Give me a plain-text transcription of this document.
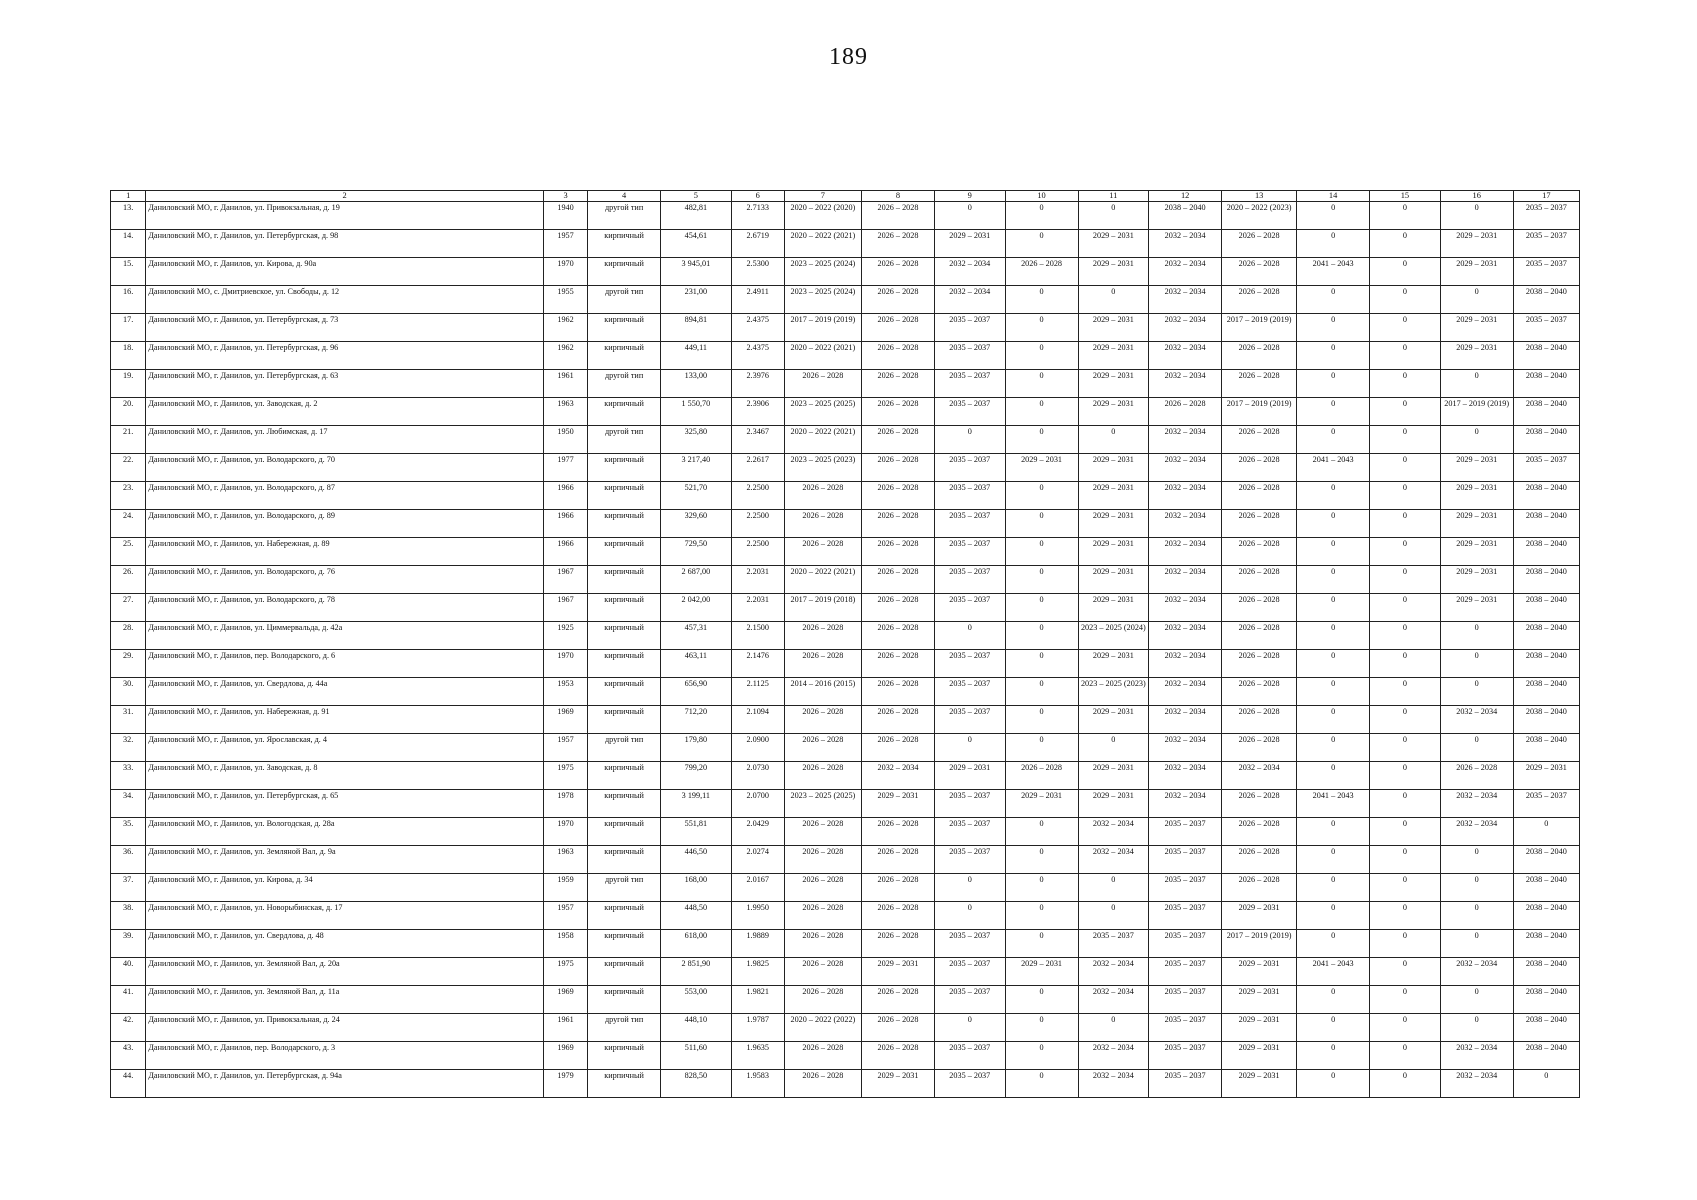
189
1	2	3	4	5	6	7	8	9	10	11	12	13	14	15	16	17
13.	Даниловский МО, г. Данилов, ул. Привокзальная, д. 19	1940	другой тип	482,81	2.7133	2020 – 2022 (2020)	2026 – 2028	0	0	0	2038 – 2040	2020 – 2022 (2023)	0	0	0	2035 – 2037
14.	Даниловский МО, г. Данилов, ул. Петербургская, д. 98	1957	кирпичный	454,61	2.6719	2020 – 2022 (2021)	2026 – 2028	2029 – 2031	0	2029 – 2031	2032 – 2034	2026 – 2028	0	0	2029 – 2031	2035 – 2037
15.	Даниловский МО, г. Данилов, ул. Кирова, д. 90а	1970	кирпичный	3 945,01	2.5300	2023 – 2025 (2024)	2026 – 2028	2032 – 2034	2026 – 2028	2029 – 2031	2032 – 2034	2026 – 2028	2041 – 2043	0	2029 – 2031	2035 – 2037
16.	Даниловский МО, с. Дмитриевское, ул. Свободы, д. 12	1955	другой тип	231,00	2.4911	2023 – 2025 (2024)	2026 – 2028	2032 – 2034	0	0	2032 – 2034	2026 – 2028	0	0	0	2038 – 2040
17.	Даниловский МО, г. Данилов, ул. Петербургская, д. 73	1962	кирпичный	894,81	2.4375	2017 – 2019 (2019)	2026 – 2028	2035 – 2037	0	2029 – 2031	2032 – 2034	2017 – 2019 (2019)	0	0	2029 – 2031	2035 – 2037
18.	Даниловский МО, г. Данилов, ул. Петербургская, д. 96	1962	кирпичный	449,11	2.4375	2020 – 2022 (2021)	2026 – 2028	2035 – 2037	0	2029 – 2031	2032 – 2034	2026 – 2028	0	0	2029 – 2031	2038 – 2040
19.	Даниловский МО, г. Данилов, ул. Петербургская, д. 63	1961	другой тип	133,00	2.3976	2026 – 2028	2026 – 2028	2035 – 2037	0	2029 – 2031	2032 – 2034	2026 – 2028	0	0	0	2038 – 2040
20.	Даниловский МО, г. Данилов, ул. Заводская, д. 2	1963	кирпичный	1 550,70	2.3906	2023 – 2025 (2025)	2026 – 2028	2035 – 2037	0	2029 – 2031	2026 – 2028	2017 – 2019 (2019)	0	0	2017 – 2019 (2019)	2038 – 2040
21.	Даниловский МО, г. Данилов, ул. Любимская, д. 17	1950	другой тип	325,80	2.3467	2020 – 2022 (2021)	2026 – 2028	0	0	0	2032 – 2034	2026 – 2028	0	0	0	2038 – 2040
22.	Даниловский МО, г. Данилов, ул. Володарского, д. 70	1977	кирпичный	3 217,40	2.2617	2023 – 2025 (2023)	2026 – 2028	2035 – 2037	2029 – 2031	2029 – 2031	2032 – 2034	2026 – 2028	2041 – 2043	0	2029 – 2031	2035 – 2037
23.	Даниловский МО, г. Данилов, ул. Володарского, д. 87	1966	кирпичный	521,70	2.2500	2026 – 2028	2026 – 2028	2035 – 2037	0	2029 – 2031	2032 – 2034	2026 – 2028	0	0	2029 – 2031	2038 – 2040
24.	Даниловский МО, г. Данилов, ул. Володарского, д. 89	1966	кирпичный	329,60	2.2500	2026 – 2028	2026 – 2028	2035 – 2037	0	2029 – 2031	2032 – 2034	2026 – 2028	0	0	2029 – 2031	2038 – 2040
25.	Даниловский МО, г. Данилов, ул. Набережная, д. 89	1966	кирпичный	729,50	2.2500	2026 – 2028	2026 – 2028	2035 – 2037	0	2029 – 2031	2032 – 2034	2026 – 2028	0	0	2029 – 2031	2038 – 2040
26.	Даниловский МО, г. Данилов, ул. Володарского, д. 76	1967	кирпичный	2 687,00	2.2031	2020 – 2022 (2021)	2026 – 2028	2035 – 2037	0	2029 – 2031	2032 – 2034	2026 – 2028	0	0	2029 – 2031	2038 – 2040
27.	Даниловский МО, г. Данилов, ул. Володарского, д. 78	1967	кирпичный	2 042,00	2.2031	2017 – 2019 (2018)	2026 – 2028	2035 – 2037	0	2029 – 2031	2032 – 2034	2026 – 2028	0	0	2029 – 2031	2038 – 2040
28.	Даниловский МО, г. Данилов, ул. Циммервальда, д. 42а	1925	кирпичный	457,31	2.1500	2026 – 2028	2026 – 2028	0	0	2023 – 2025 (2024)	2032 – 2034	2026 – 2028	0	0	0	2038 – 2040
29.	Даниловский МО, г. Данилов, пер. Володарского, д. 6	1970	кирпичный	463,11	2.1476	2026 – 2028	2026 – 2028	2035 – 2037	0	2029 – 2031	2032 – 2034	2026 – 2028	0	0	0	2038 – 2040
30.	Даниловский МО, г. Данилов, ул. Свердлова, д. 44а	1953	кирпичный	656,90	2.1125	2014 – 2016 (2015)	2026 – 2028	2035 – 2037	0	2023 – 2025 (2023)	2032 – 2034	2026 – 2028	0	0	0	2038 – 2040
31.	Даниловский МО, г. Данилов, ул. Набережная, д. 91	1969	кирпичный	712,20	2.1094	2026 – 2028	2026 – 2028	2035 – 2037	0	2029 – 2031	2032 – 2034	2026 – 2028	0	0	2032 – 2034	2038 – 2040
32.	Даниловский МО, г. Данилов, ул. Ярославская, д. 4	1957	другой тип	179,80	2.0900	2026 – 2028	2026 – 2028	0	0	0	2032 – 2034	2026 – 2028	0	0	0	2038 – 2040
33.	Даниловский МО, г. Данилов, ул. Заводская, д. 8	1975	кирпичный	799,20	2.0730	2026 – 2028	2032 – 2034	2029 – 2031	2026 – 2028	2029 – 2031	2032 – 2034	2032 – 2034	0	0	2026 – 2028	2029 – 2031
34.	Даниловский МО, г. Данилов, ул. Петербургская, д. 65	1978	кирпичный	3 199,11	2.0700	2023 – 2025 (2025)	2029 – 2031	2035 – 2037	2029 – 2031	2029 – 2031	2032 – 2034	2026 – 2028	2041 – 2043	0	2032 – 2034	2035 – 2037
35.	Даниловский МО, г. Данилов, ул. Вологодская, д. 28а	1970	кирпичный	551,81	2.0429	2026 – 2028	2026 – 2028	2035 – 2037	0	2032 – 2034	2035 – 2037	2026 – 2028	0	0	2032 – 2034	0
36.	Даниловский МО, г. Данилов, ул. Земляной Вал, д. 9а	1963	кирпичный	446,50	2.0274	2026 – 2028	2026 – 2028	2035 – 2037	0	2032 – 2034	2035 – 2037	2026 – 2028	0	0	0	2038 – 2040
37.	Даниловский МО, г. Данилов, ул. Кирова, д. 34	1959	другой тип	168,00	2.0167	2026 – 2028	2026 – 2028	0	0	0	2035 – 2037	2026 – 2028	0	0	0	2038 – 2040
38.	Даниловский МО, г. Данилов, ул. Новорыбинская, д. 17	1957	кирпичный	448,50	1.9950	2026 – 2028	2026 – 2028	0	0	0	2035 – 2037	2029 – 2031	0	0	0	2038 – 2040
39.	Даниловский МО, г. Данилов, ул. Свердлова, д. 48	1958	кирпичный	618,00	1.9889	2026 – 2028	2026 – 2028	2035 – 2037	0	2035 – 2037	2035 – 2037	2017 – 2019 (2019)	0	0	0	2038 – 2040
40.	Даниловский МО, г. Данилов, ул. Земляной Вал, д. 20а	1975	кирпичный	2 851,90	1.9825	2026 – 2028	2029 – 2031	2035 – 2037	2029 – 2031	2032 – 2034	2035 – 2037	2029 – 2031	2041 – 2043	0	2032 – 2034	2038 – 2040
41.	Даниловский МО, г. Данилов, ул. Земляной Вал, д. 11а	1969	кирпичный	553,00	1.9821	2026 – 2028	2026 – 2028	2035 – 2037	0	2032 – 2034	2035 – 2037	2029 – 2031	0	0	0	2038 – 2040
42.	Даниловский МО, г. Данилов, ул. Привокзальная, д. 24	1961	другой тип	448,10	1.9787	2020 – 2022 (2022)	2026 – 2028	0	0	0	2035 – 2037	2029 – 2031	0	0	0	2038 – 2040
43.	Даниловский МО, г. Данилов, пер. Володарского, д. 3	1969	кирпичный	511,60	1.9635	2026 – 2028	2026 – 2028	2035 – 2037	0	2032 – 2034	2035 – 2037	2029 – 2031	0	0	2032 – 2034	2038 – 2040
44.	Даниловский МО, г. Данилов, ул. Петербургская, д. 94а	1979	кирпичный	828,50	1.9583	2026 – 2028	2029 – 2031	2035 – 2037	0	2032 – 2034	2035 – 2037	2029 – 2031	0	0	2032 – 2034	0
